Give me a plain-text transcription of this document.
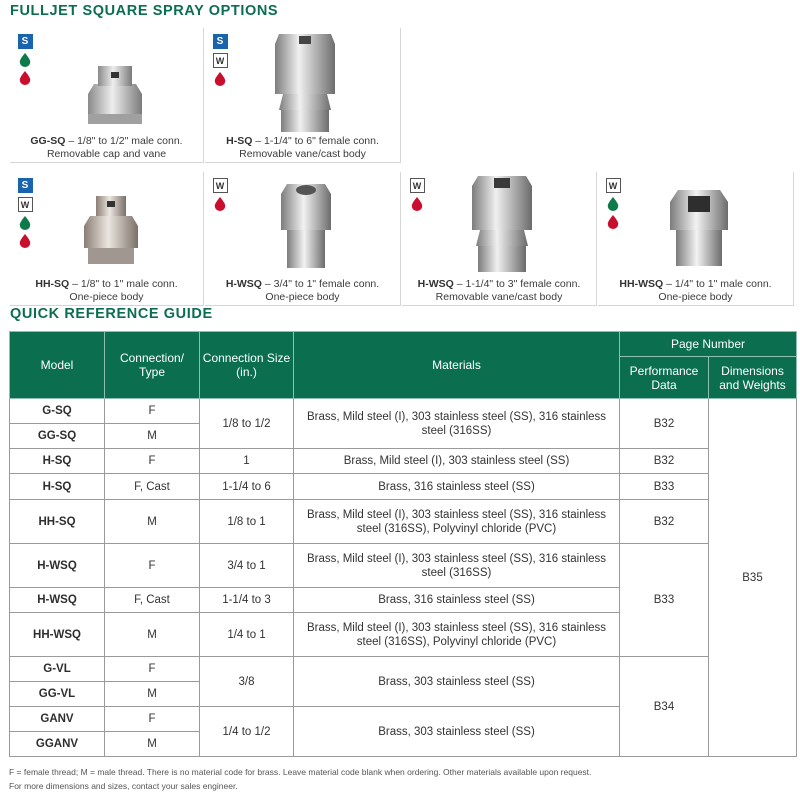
FULLJET SQUARE SPRAY OPTIONS
S
GG-SQ – 1/8" to 1/2" male conn.
Removable cap and vane
S
W
H-SQ – 1-1/4" to 6" female conn.
Removable vane/cast body
S
W
HH-SQ – 1/8" to 1" male conn.
One-piece body
W
H-WSQ – 3/4" to 1" female conn.
One-piece body
W
H-WSQ – 1-1/4" to 3" female conn.
Removable vane/cast body
W
HH-WSQ – 1/4" to 1" male conn.
One-piece body
QUICK REFERENCE GUIDE
Model	Connection/ Type	Connection Size (in.)	Materials	Page Number	
				Performance Data	Dimensions and Weights
G-SQ	F	1/8 to 1/2	Brass, Mild steel (I), 303 stainless steel (SS), 316 stainless steel (316SS)	B32	B35
GG-SQ	M				
H-SQ	F	1	Brass, Mild steel (I), 303 stainless steel (SS)	B32	
H-SQ	F, Cast	1-1/4 to 6	Brass, 316 stainless steel (SS)	B33	
HH-SQ	M	1/8 to 1	Brass, Mild steel (I), 303 stainless steel (SS), 316 stainless steel (316SS), Polyvinyl chloride (PVC)	B32	
H-WSQ	F	3/4 to 1	Brass, Mild steel (I), 303 stainless steel (SS), 316 stainless steel (316SS)	B33	
H-WSQ	F, Cast	1-1/4 to 3	Brass, 316 stainless steel (SS)		
HH-WSQ	M	1/4 to 1	Brass, Mild steel (I), 303 stainless steel (SS), 316 stainless steel (316SS), Polyvinyl chloride (PVC)		
G-VL	F	3/8	Brass, 303 stainless steel (SS)	B34	
GG-VL	M				
GANV	F	1/4 to 1/2	Brass, 303 stainless steel (SS)		
GGANV	M				
F = female thread; M = male thread. There is no material code for brass. Leave material code blank when ordering. Other materials available upon request.
For more dimensions and sizes, contact your sales engineer.
